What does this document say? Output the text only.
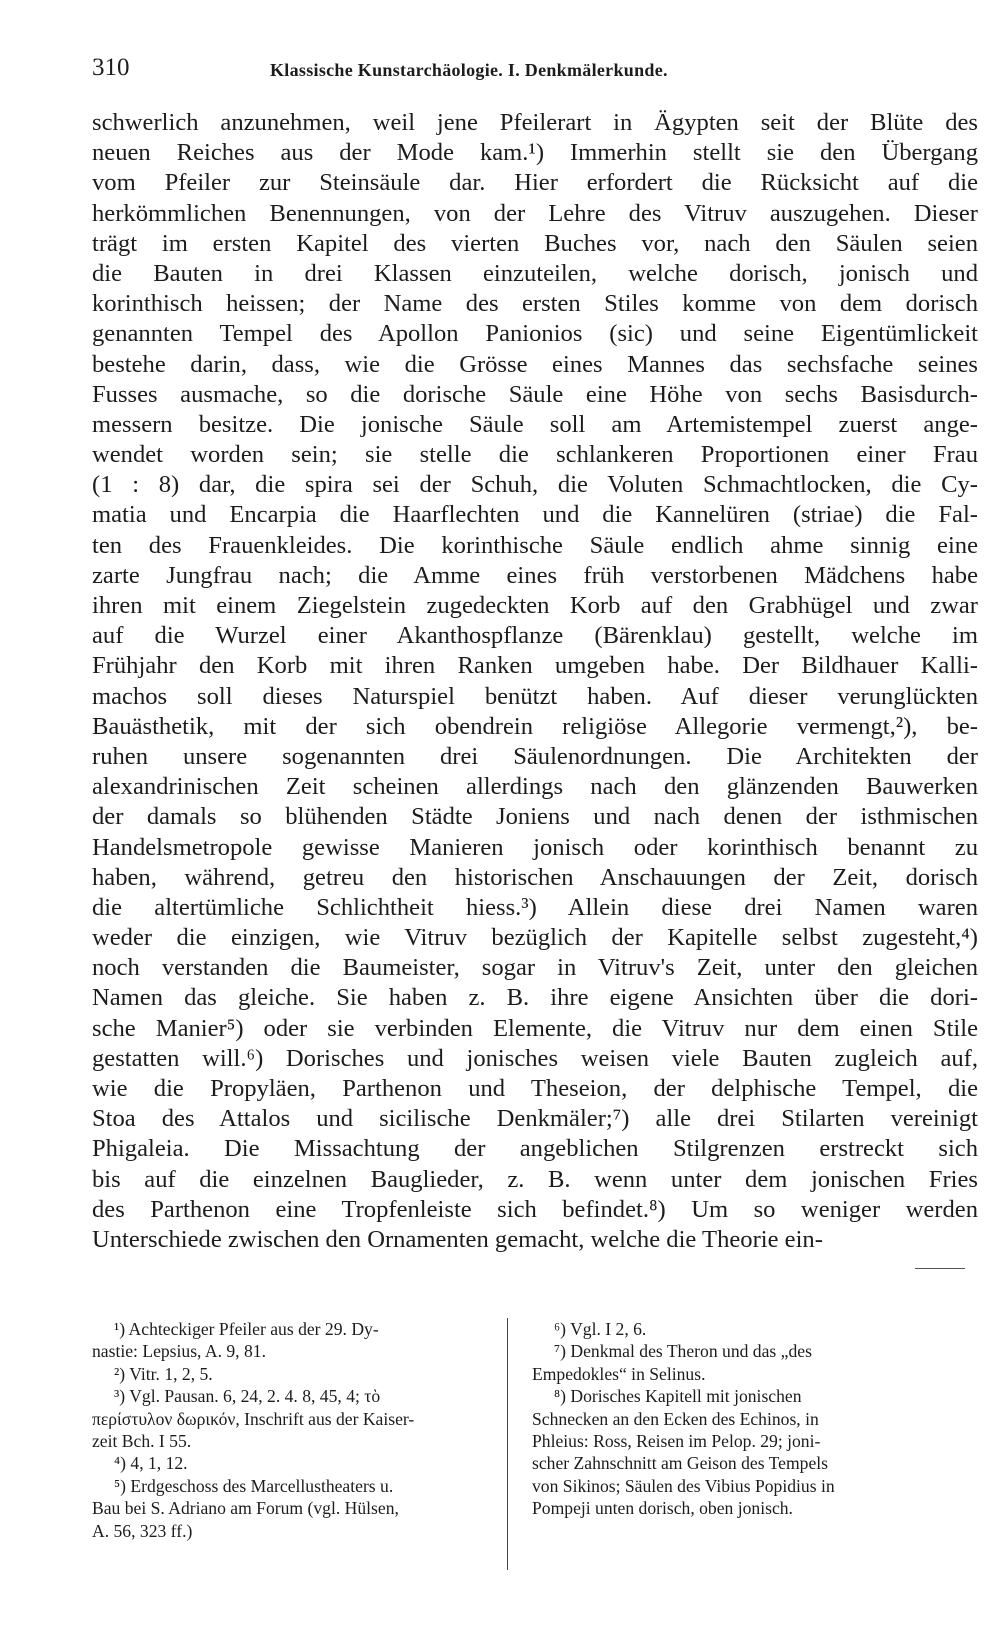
310	Klassische Kunstarchäologie. I. Denkmälerkunde.
schwerlich anzunehmen, weil jene Pfeilerart in Ägypten seit der Blüte des
neuen Reiches aus der Mode kam.¹) Immerhin stellt sie den Übergang
vom Pfeiler zur Steinsäule dar. Hier erfordert die Rücksicht auf die
herkömmlichen Benennungen, von der Lehre des Vitruv auszugehen. Dieser
trägt im ersten Kapitel des vierten Buches vor, nach den Säulen seien
die Bauten in drei Klassen einzuteilen, welche dorisch, jonisch und
korinthisch heissen; der Name des ersten Stiles komme von dem dorisch
genannten Tempel des Apollon Panionios (sic) und seine Eigentümlickeit
bestehe darin, dass, wie die Grösse eines Mannes das sechsfache seines
Fusses ausmache, so die dorische Säule eine Höhe von sechs Basisdurch-
messern besitze. Die jonische Säule soll am Artemistempel zuerst ange-
wendet worden sein; sie stelle die schlankeren Proportionen einer Frau
(1 : 8) dar, die spira sei der Schuh, die Voluten Schmachtlocken, die Cy-
matia und Encarpia die Haarflechten und die Kannelüren (striae) die Fal-
ten des Frauenkleides. Die korinthische Säule endlich ahme sinnig eine
zarte Jungfrau nach; die Amme eines früh verstorbenen Mädchens habe
ihren mit einem Ziegelstein zugedeckten Korb auf den Grabhügel und zwar
auf die Wurzel einer Akanthospflanze (Bärenklau) gestellt, welche im
Frühjahr den Korb mit ihren Ranken umgeben habe. Der Bildhauer Kalli-
machos soll dieses Naturspiel benützt haben. Auf dieser verunglückten
Bauästhetik, mit der sich obendrein religiöse Allegorie vermengt,²), be-
ruhen unsere sogenannten drei Säulenordnungen. Die Architekten der
alexandrinischen Zeit scheinen allerdings nach den glänzenden Bauwerken
der damals so blühenden Städte Joniens und nach denen der isthmischen
Handelsmetropole gewisse Manieren jonisch oder korinthisch benannt zu
haben, während, getreu den historischen Anschauungen der Zeit, dorisch
die altertümliche Schlichtheit hiess.³) Allein diese drei Namen waren
weder die einzigen, wie Vitruv bezüglich der Kapitelle selbst zugesteht,⁴)
noch verstanden die Baumeister, sogar in Vitruv's Zeit, unter den gleichen
Namen das gleiche. Sie haben z. B. ihre eigene Ansichten über die dori-
sche Manier⁵) oder sie verbinden Elemente, die Vitruv nur dem einen Stile
gestatten will.⁶) Dorisches und jonisches weisen viele Bauten zugleich auf,
wie die Propyläen, Parthenon und Theseion, der delphische Tempel, die
Stoa des Attalos und sicilische Denkmäler;⁷) alle drei Stilarten vereinigt
Phigaleia. Die Missachtung der angeblichen Stilgrenzen erstreckt sich
bis auf die einzelnen Bauglieder, z. B. wenn unter dem jonischen Fries
des Parthenon eine Tropfenleiste sich befindet.⁸) Um so weniger werden
Unterschiede zwischen den Ornamenten gemacht, welche die Theorie ein-
¹) Achteckiger Pfeiler aus der 29. Dy-
nastie: Lepsius, A. 9, 81.
²) Vitr. 1, 2, 5.
³) Vgl. Pausan. 6, 24, 2. 4. 8, 45, 4; τὸ
περίστυλον δωρικόν, Inschrift aus der Kaiser-
zeit Bch. I 55.
⁴) 4, 1, 12.
⁵) Erdgeschoss des Marcellustheaters u.
Bau bei S. Adriano am Forum (vgl. Hülsen,
A. 56, 323 ff.)
⁶) Vgl. I 2, 6.
⁷) Denkmal des Theron und das „des
Empedokles“ in Selinus.
⁸) Dorisches Kapitell mit jonischen
Schnecken an den Ecken des Echinos, in
Phleius: Ross, Reisen im Pelop. 29; joni-
scher Zahnschnitt am Geison des Tempels
von Sikinos; Säulen des Vibius Popidius in
Pompeji unten dorisch, oben jonisch.
